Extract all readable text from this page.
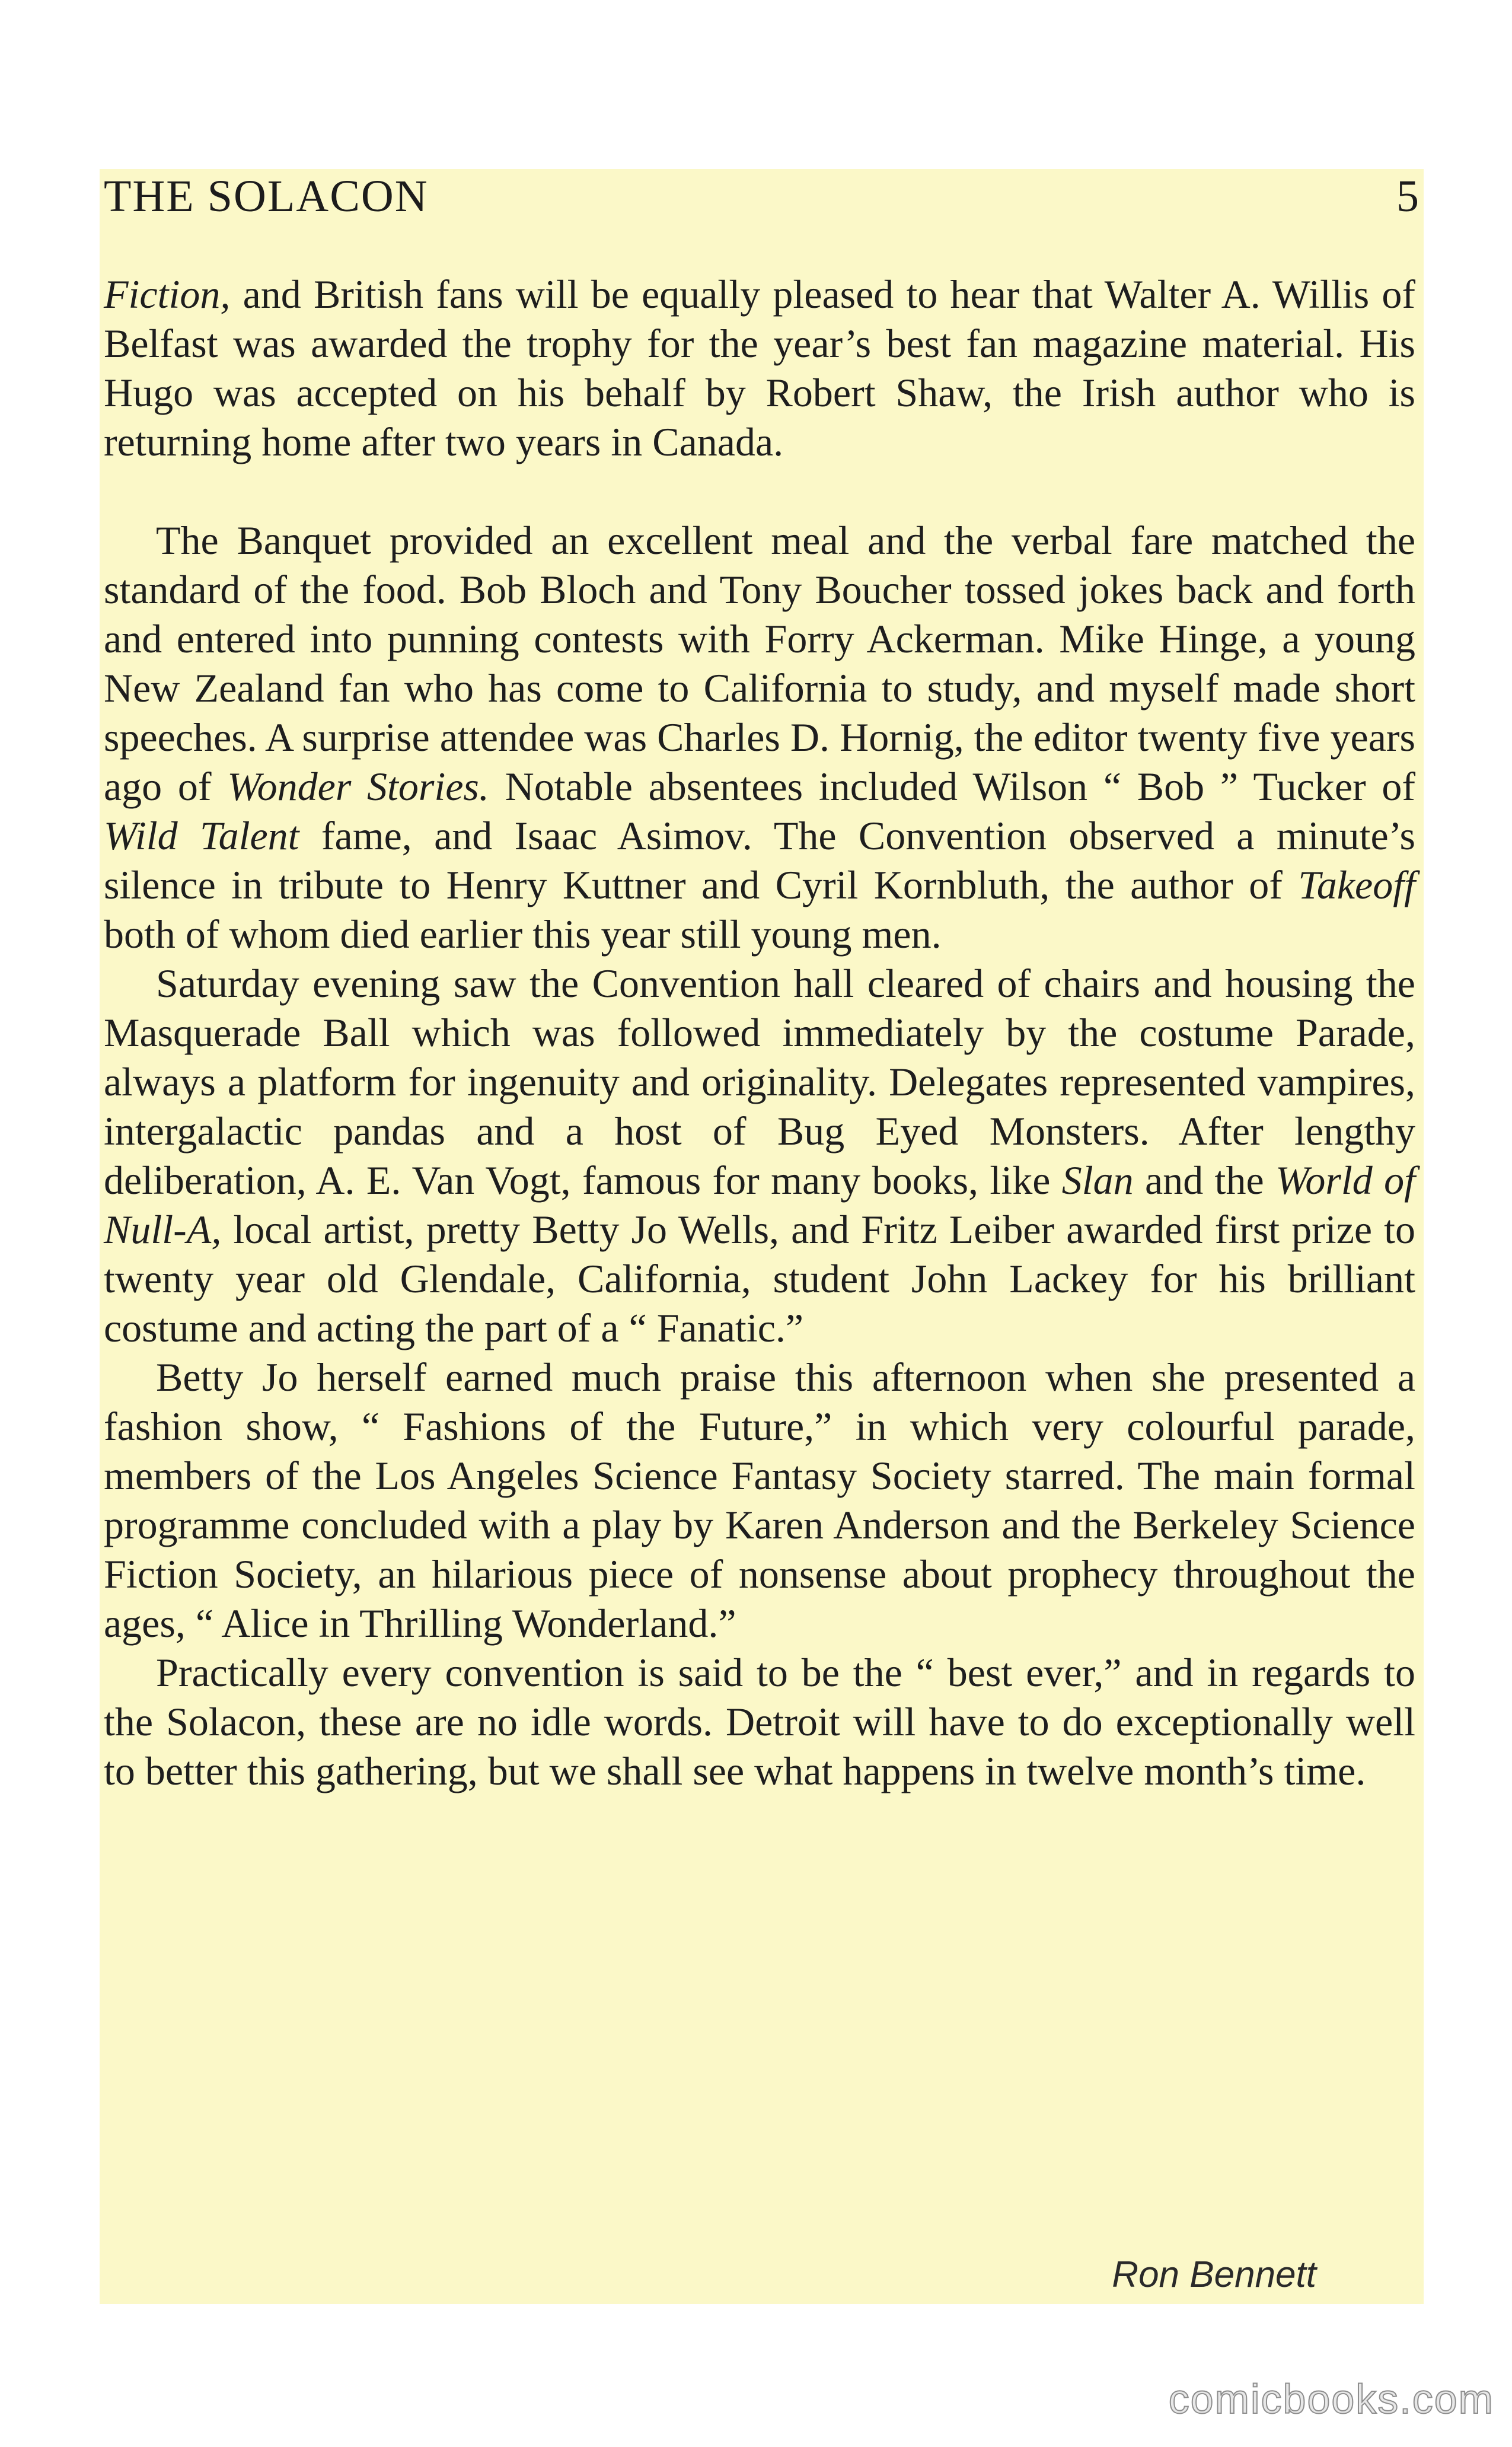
THE SOLACON	5

Fiction, and British fans will be equally pleased to hear that Walter A. Willis of Belfast was awarded the trophy for the year’s best fan magazine material. His Hugo was accepted on his behalf by Robert Shaw, the Irish author who is returning home after two years in Canada.

The Banquet provided an excellent meal and the verbal fare matched the standard of the food. Bob Bloch and Tony Boucher tossed jokes back and forth and entered into punning contests with Forry Ackerman. Mike Hinge, a young New Zealand fan who has come to California to study, and myself made short speeches. A surprise attendee was Charles D. Hornig, the editor twenty five years ago of Wonder Stories. Notable absentees included Wilson “ Bob ” Tucker of Wild Talent fame, and Isaac Asimov. The Convention observed a minute’s silence in tribute to Henry Kuttner and Cyril Kornbluth, the author of Takeoff both of whom died earlier this year still young men.

Saturday evening saw the Convention hall cleared of chairs and housing the Masquerade Ball which was followed immediately by the costume Parade, always a platform for ingenuity and originality. Delegates represented vampires, intergalactic pandas and a host of Bug Eyed Monsters. After lengthy deliberation, A. E. Van Vogt, famous for many books, like Slan and the World of Null-A, local artist, pretty Betty Jo Wells, and Fritz Leiber awarded first prize to twenty year old Glendale, California, student John Lackey for his brilliant costume and acting the part of a “ Fanatic.”

Betty Jo herself earned much praise this afternoon when she presented a fashion show, “ Fashions of the Future,” in which very colourful parade, members of the Los Angeles Science Fantasy Society starred. The main formal programme concluded with a play by Karen Anderson and the Berkeley Science Fiction Society, an hilarious piece of nonsense about prophecy throughout the ages, “ Alice in Thrilling Wonderland.”

Practically every convention is said to be the “ best ever,” and in regards to the Solacon, these are no idle words. Detroit will have to do exceptionally well to better this gathering, but we shall see what happens in twelve month’s time.

Ron Bennett
comicbooks.com
